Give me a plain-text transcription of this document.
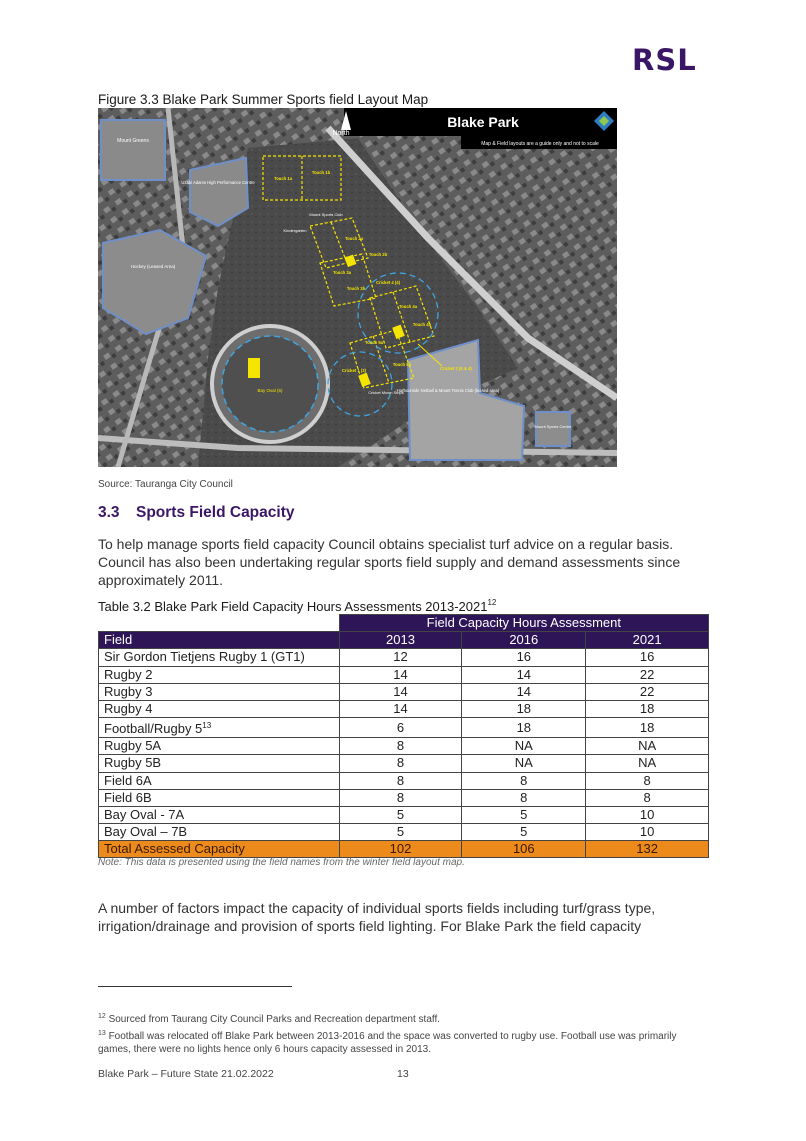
RSL
Figure 3.3 Blake Park Summer Sports field Layout Map
Mount Greens
Uzabi Adams High Performance Centre
Hockey (Leased Area)
Harbourside Netball & Mount Tennis Club (leased area)
Mount Sports Centre
Bay Oval (6)
Touch 1a
Touch 1b
Touch 2a
Touch 2b
Touch 3a
Cricket 4 (4)
Touch 3b
Touch 4a
Touch 4b
Touch 5a
Touch 5b
Cricket 2 (6 & 4)
Cricket 1 (3)
Mount Sports Club
Kindergarten
Cricket Mown Strips
North
Blake Park
Map & Field layouts are a guide only and not to scale
Source: Tauranga City Council
3.3 Sports Field Capacity

To help manage sports field capacity Council obtains specialist turf advice on a regular basis. Council has also been undertaking regular sports field supply and demand assessments since approximately 2011.

Table 3.2 Blake Park Field Capacity Hours Assessments 2013-2021$^{12}$
	Field Capacity Hours Assessment		
Field	2013	2016	2021
Sir Gordon Tietjens Rugby 1 (GT1)	12	16	16
Rugby 2	14	14	22
Rugby 3	14	14	22
Rugby 4	14	18	18
Football/Rugby $5^{13}$	6	18	18
Rugby 5A	8	NA	NA
Rugby 5B	8	NA	NA
Field 6A	8	8	8
Field 6B	8	8	8
Bay Oval - 7A	5	5	10
Bay Oval – 7B	5	5	10
Total Assessed Capacity	102	106	132
Note: This data is presented using the field names from the winter field layout map.

A number of factors impact the capacity of individual sports fields including turf/grass type, irrigation/drainage and provision of sports field lighting. For Blake Park the field capacity

$^{12}$ Sourced from Taurang City Council Parks and Recreation department staff.
$^{13}$ Football was relocated off Blake Park between 2013-2016 and the space was converted to rugby use. Football use was primarily games, there were no lights hence only 6 hours capacity assessed in 2013.
Blake Park – Future State 21.02.2022	13
